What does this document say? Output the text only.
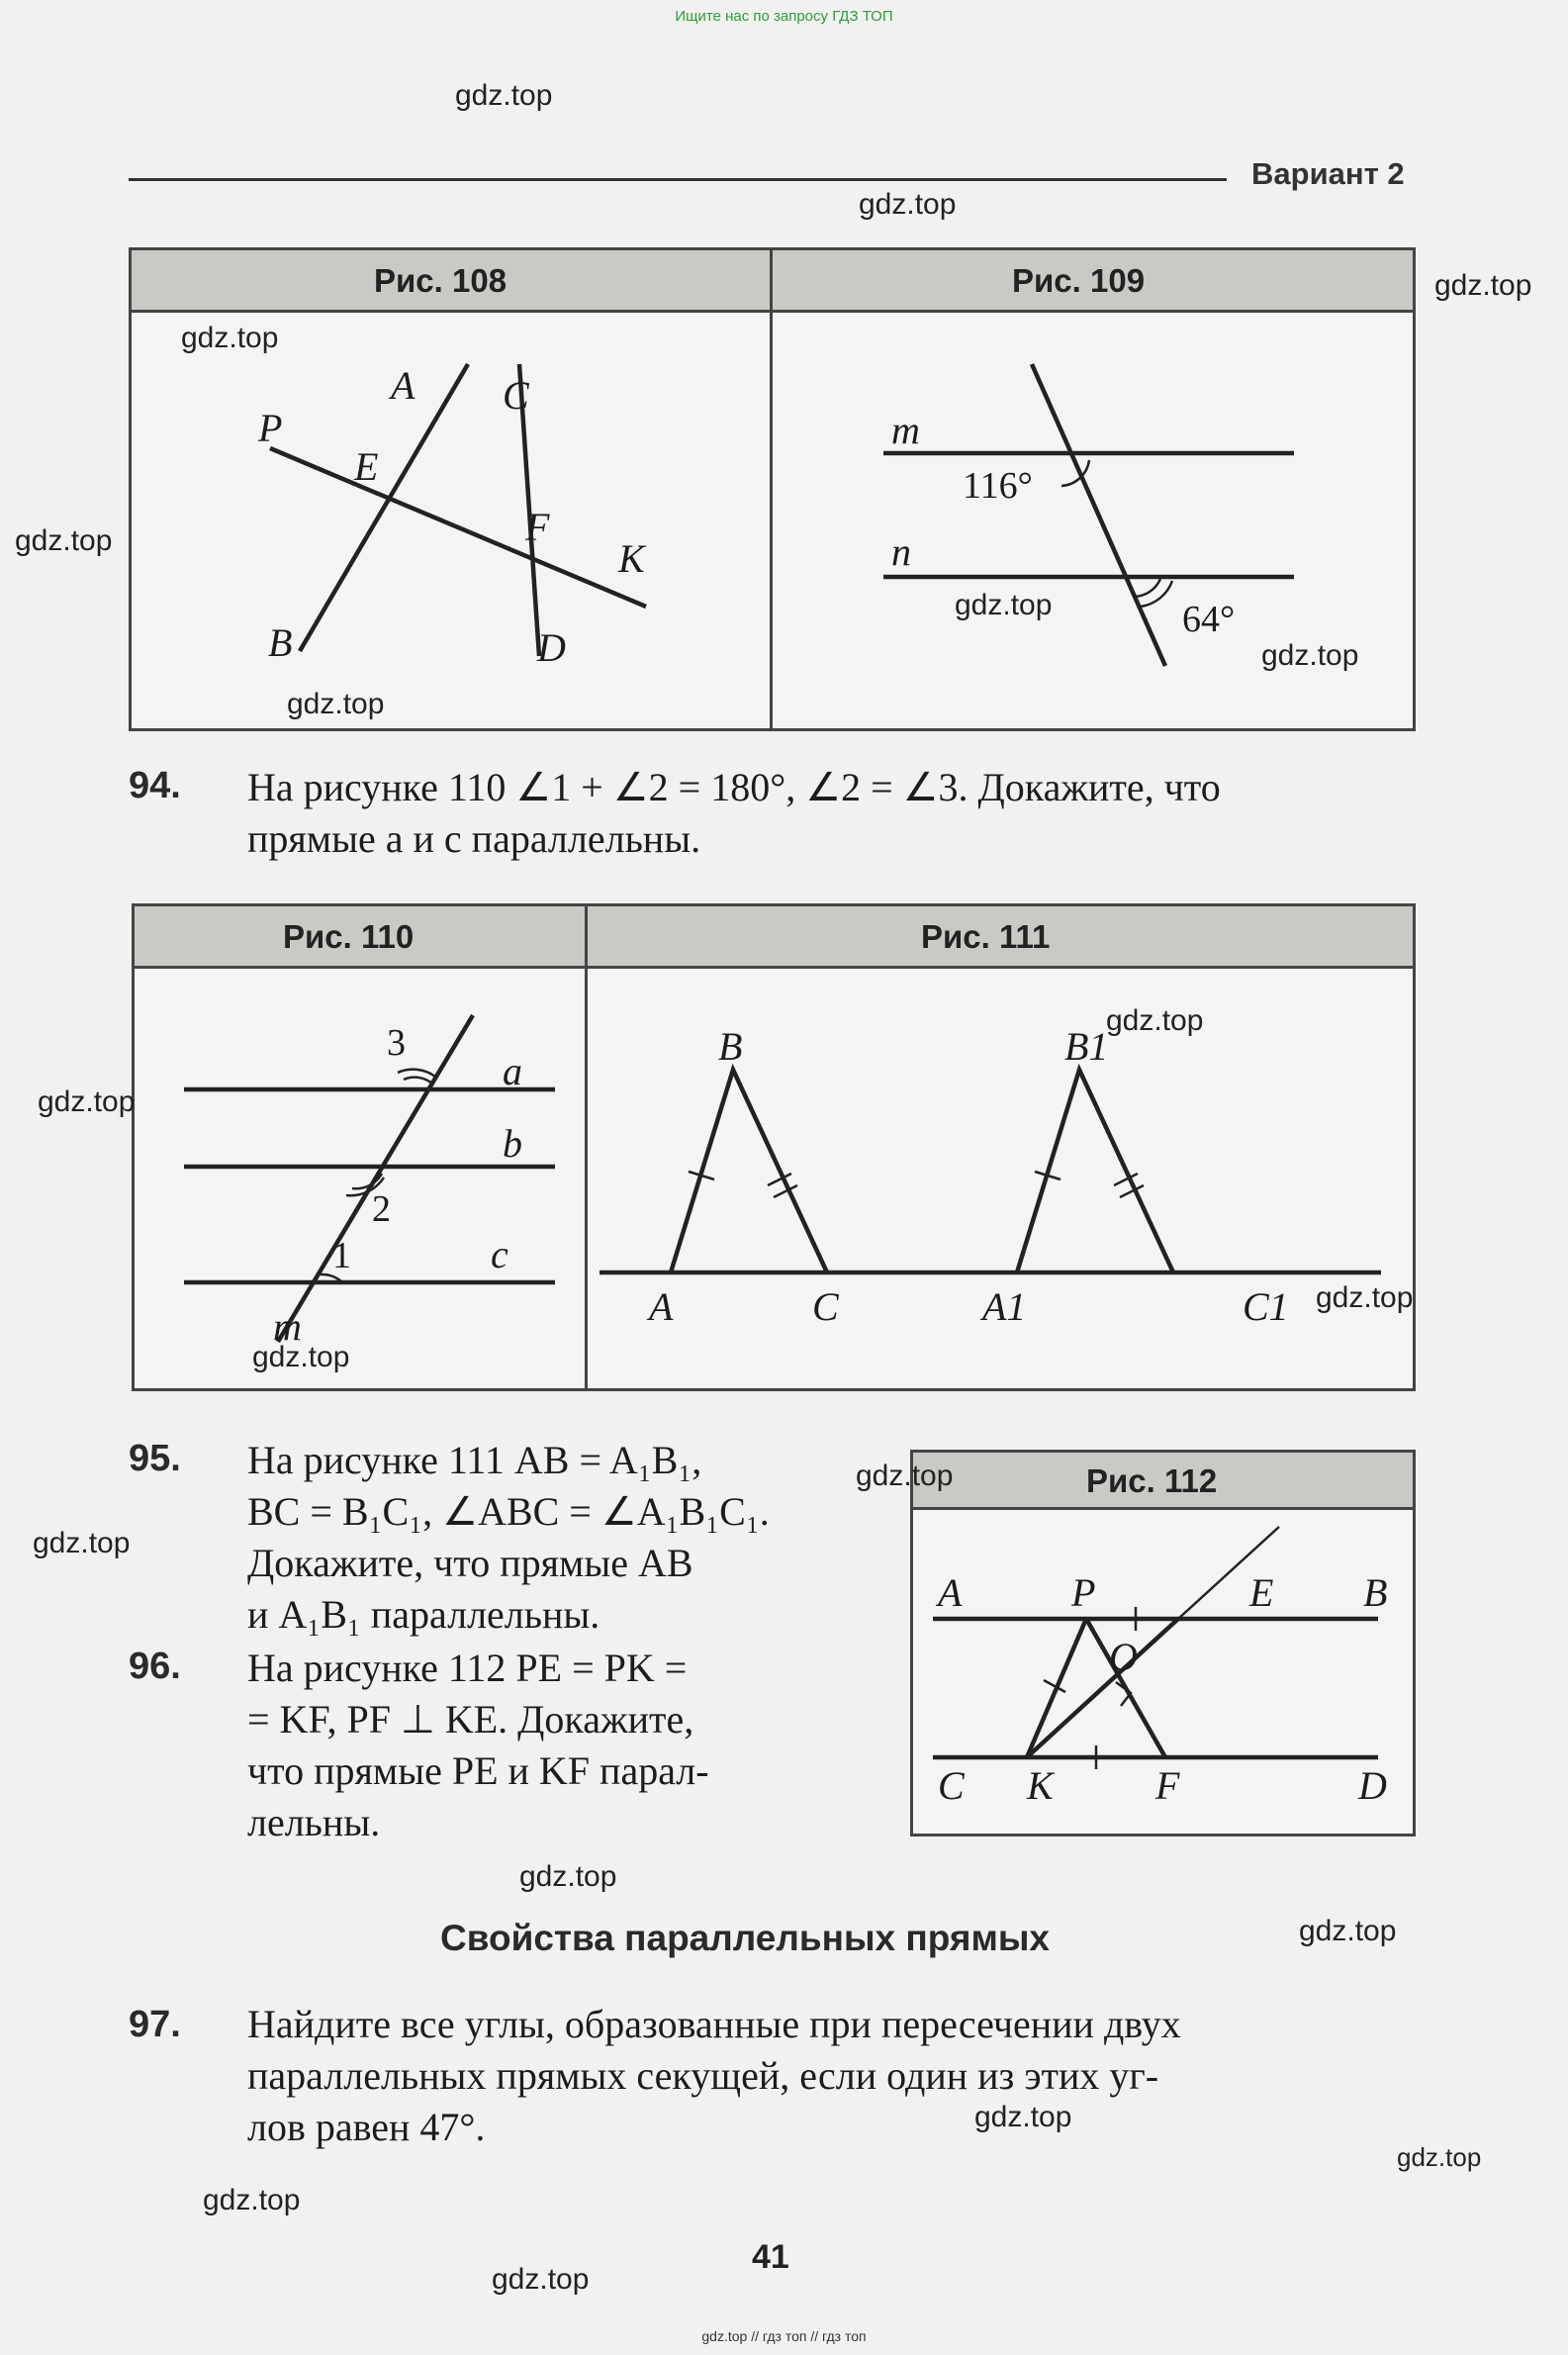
Ищите нас по запросу ГДЗ ТОП
Вариант 2
Рис. 108	Рис. 109
A C
P
E
F
K
B	D
m
n
116°
64°
94. На рисунке 110 ∠1 + ∠2 = 180°, ∠2 = ∠3. Докажите, что
прямые a и c параллельны.
Рис. 110	Рис. 111
3
2
1
a
b
c
m
B	B1
A	C	A1	C1
95. На рисунке 111 AB = A₁B₁,
BC = B₁C₁, ∠ABC = ∠A₁B₁C₁.
Докажите, что прямые AB
и A₁B₁ параллельны.
Рис. 112
A	P	E B
O
C K	F	D
96. На рисунке 112 PE = PK =
= KF, PF ⊥ KE. Докажите,
что прямые PE и KF парал-
лельны.
Свойства параллельных прямых
97. Найдите все углы, образованные при пересечении двух
параллельных прямых секущей, если один из этих уг-
лов равен 47°.
41
gdz.top
gdz.top
gdz.top
gdz.top
gdz.top
gdz.top
gdz.top
gdz.top
gdz.top
gdz.top
gdz.top
gdz.top
gdz.top
gdz.top
gdz.top
gdz.top
gdz.top
gdz.top
gdz.top
gdz.top
gdz.top // гдз топ // гдз топ
